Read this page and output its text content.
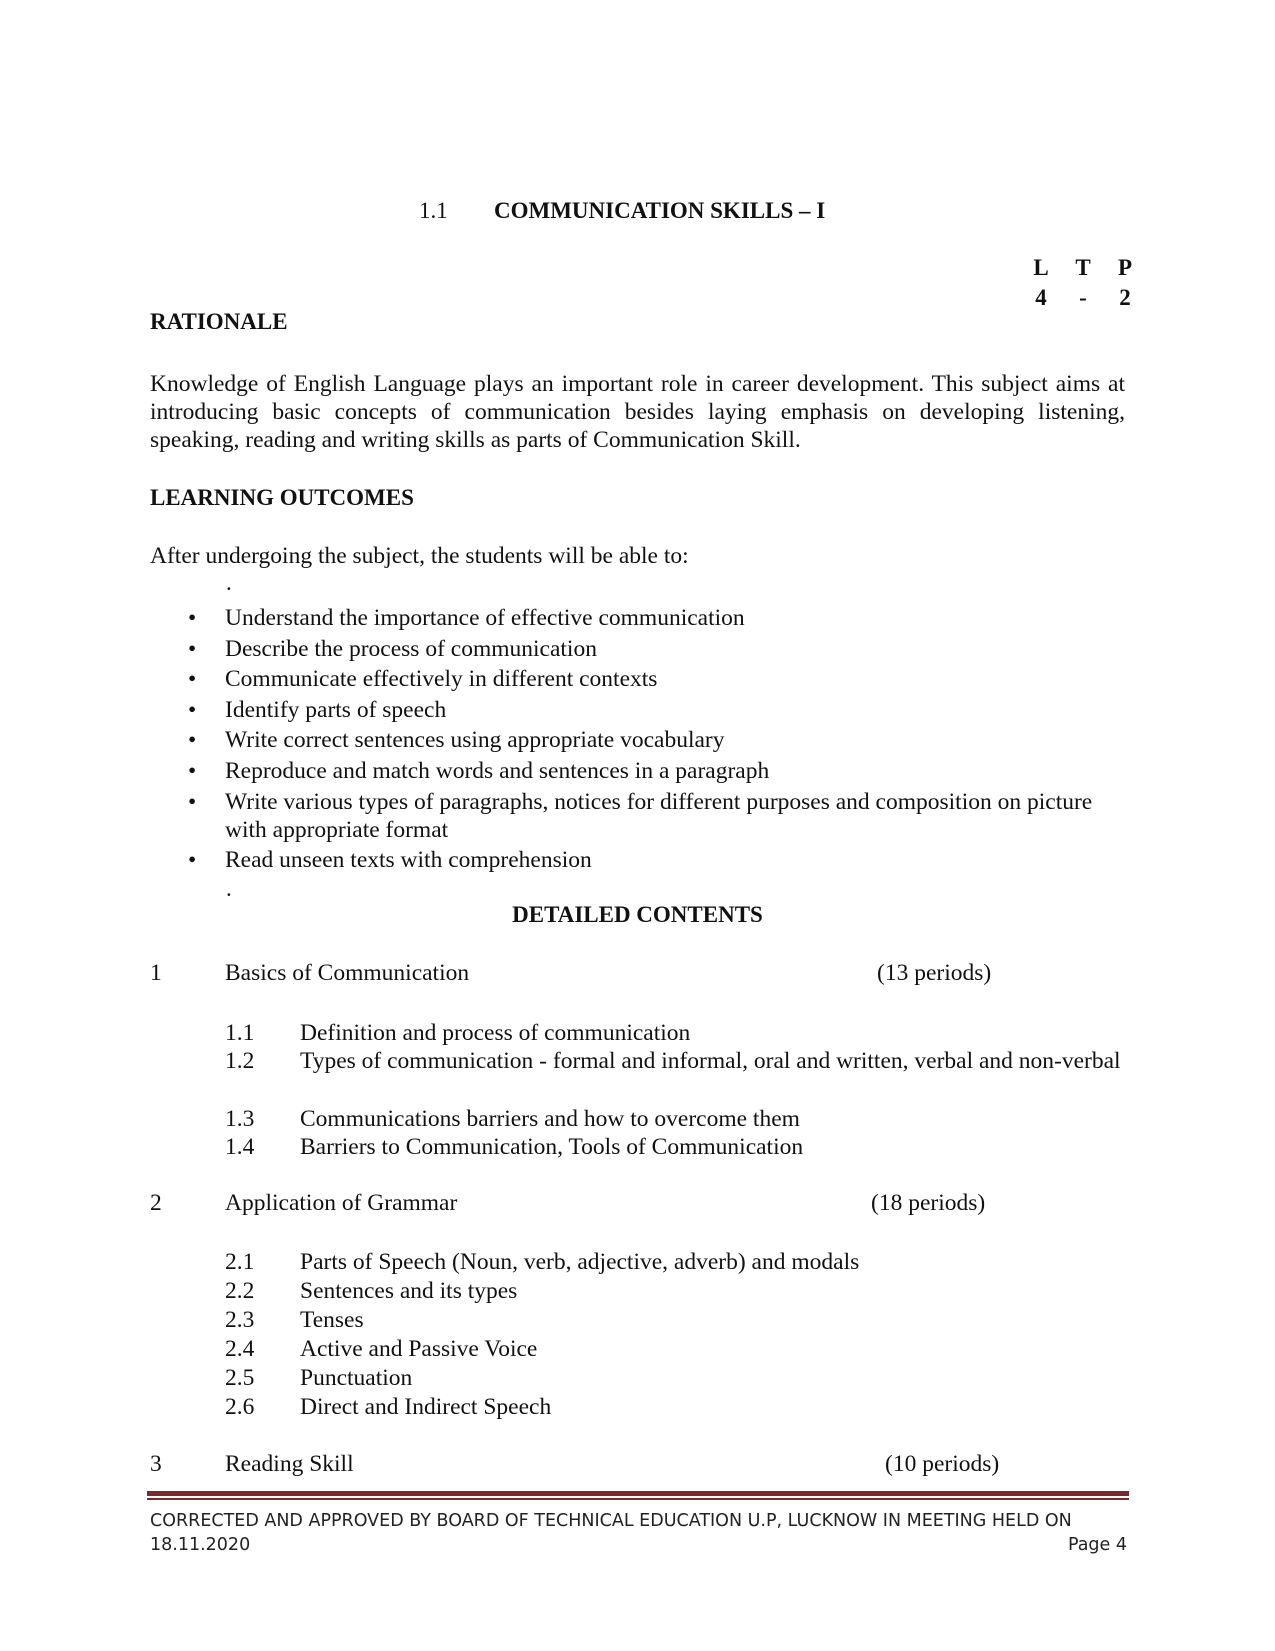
1.1 COMMUNICATION SKILLS – I
L T P
4 - 2
RATIONALE
Knowledge of English Language plays an important role in career development. This subject aims at introducing basic concepts of communication besides laying emphasis on developing listening, speaking, reading and writing skills as parts of Communication Skill.
LEARNING OUTCOMES
After undergoing the subject, the students will be able to:
.
• Understand the importance of effective communication
• Describe the process of communication
• Communicate effectively in different contexts
• Identify parts of speech
• Write correct sentences using appropriate vocabulary
• Reproduce and match words and sentences in a paragraph
• Write various types of paragraphs, notices for different purposes and composition on picture with appropriate format
• Read unseen texts with comprehension
.
DETAILED CONTENTS
1	Basics of Communication	(13 periods)
1.1 Definition and process of communication
1.2 Types of communication - formal and informal, oral and written, verbal and non-verbal
1.3 Communications barriers and how to overcome them
1.4 Barriers to Communication, Tools of Communication
2	Application of Grammar	(18 periods)
2.1 Parts of Speech (Noun, verb, adjective, adverb) and modals
2.2 Sentences and its types
2.3 Tenses
2.4 Active and Passive Voice
2.5 Punctuation
2.6 Direct and Indirect Speech
3	Reading Skill	(10 periods)
CORRECTED AND APPROVED BY BOARD OF TECHNICAL EDUCATION U.P, LUCKNOW IN MEETING HELD ON
18.11.2020	Page 4
